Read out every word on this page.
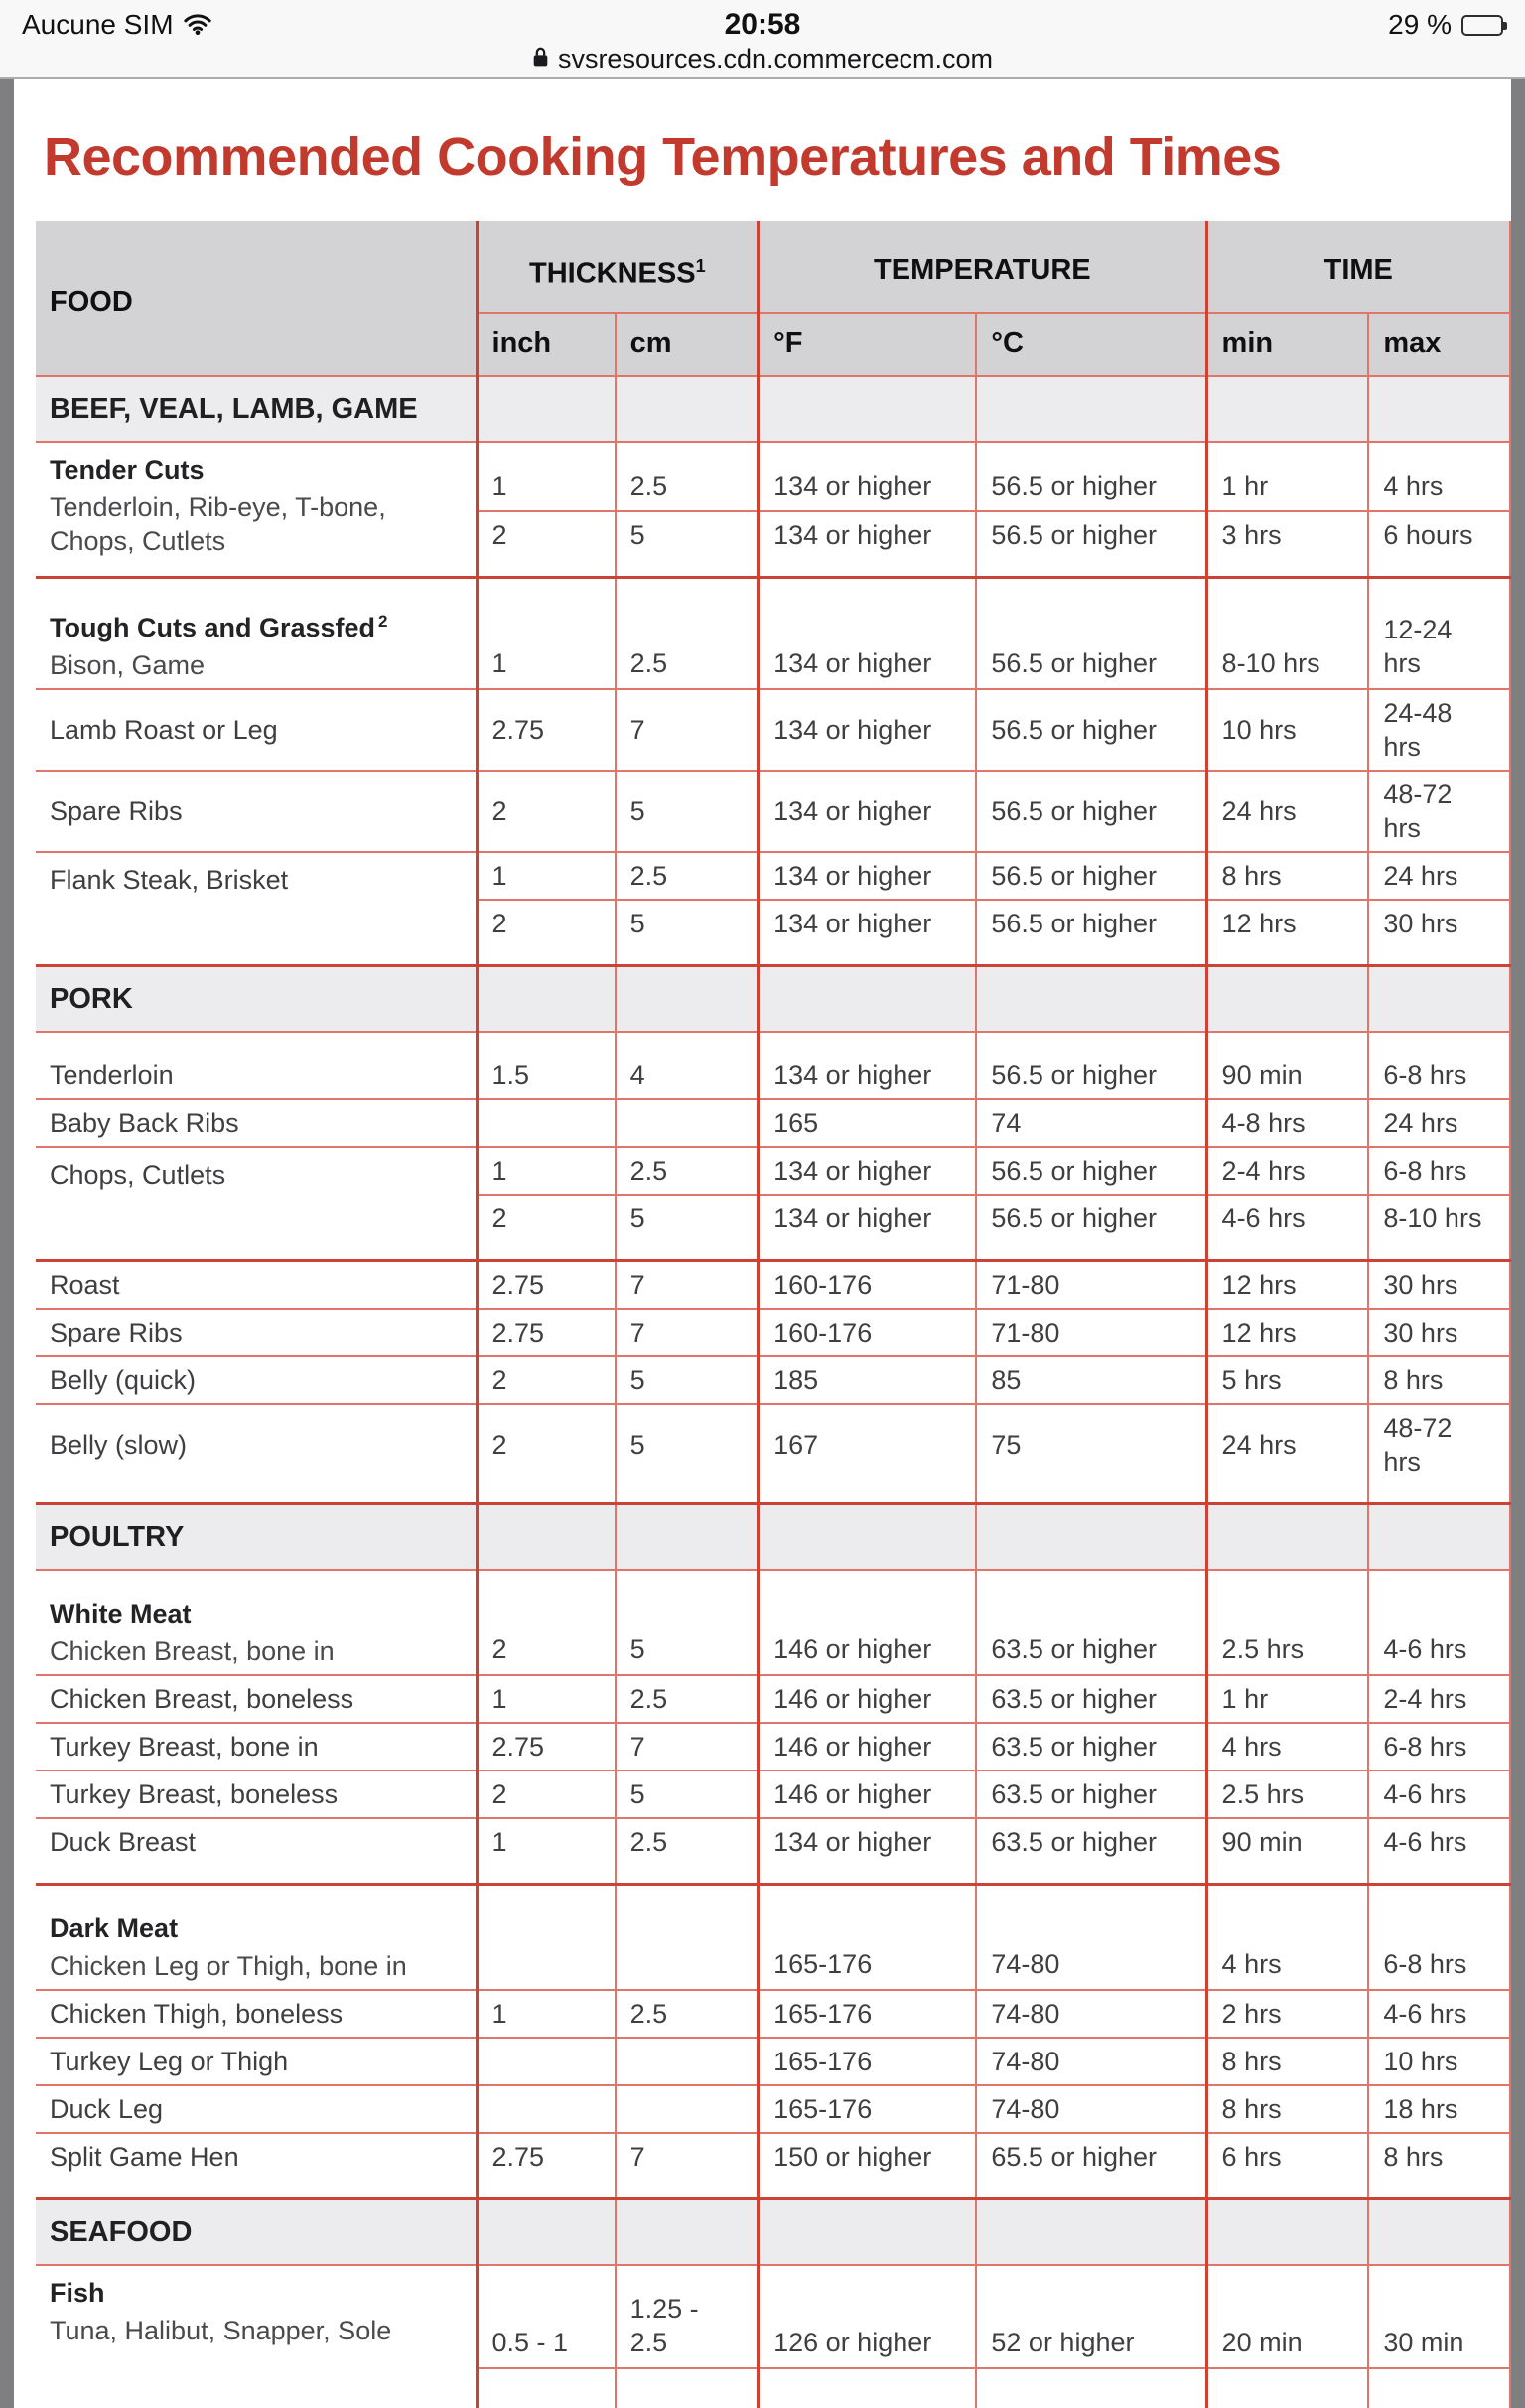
Aucune SIM	20:58	29 %
svsresources.cdn.commercecm.com
Recommended Cooking Temperatures and Times
FOOD	THICKNESS$^1$		TEMPERATURE		TIME	
	inch	cm	°F	°C	min	max
BEEF, VEAL, LAMB, GAME						

Tender Cuts
Tenderloin, Rib-eye, T-bone, Chops, Cutlets	1	2.5	134 or higher	56.5 or higher	1 hr	4 hrs
	2	5	134 or higher	56.5 or higher	3 hrs	6 hours

Tough Cuts and Grassfed $^2$
Bison, Game	1	2.5	134 or higher	56.5 or higher	8-10 hrs	12-24 hrs
Lamb Roast or Leg	2.75	7	134 or higher	56.5 or higher	10 hrs	24-48 hrs
Spare Ribs	2	5	134 or higher	56.5 or higher	24 hrs	48-72 hrs
Flank Steak, Brisket	1	2.5	134 or higher	56.5 or higher	8 hrs	24 hrs
	2	5	134 or higher	56.5 or higher	12 hrs	30 hrs
PORK						
Tenderloin	1.5	4	134 or higher	56.5 or higher	90 min	6-8 hrs
Baby Back Ribs			165	74	4-8 hrs	24 hrs
Chops, Cutlets	1	2.5	134 or higher	56.5 or higher	2-4 hrs	6-8 hrs
	2	5	134 or higher	56.5 or higher	4-6 hrs	8-10 hrs
Roast	2.75	7	160-176	71-80	12 hrs	30 hrs
Spare Ribs	2.75	7	160-176	71-80	12 hrs	30 hrs
Belly (quick)	2	5	185	85	5 hrs	8 hrs
Belly (slow)	2	5	167	75	24 hrs	48-72 hrs
POULTRY						

White Meat
Chicken Breast, bone in	2	5	146 or higher	63.5 or higher	2.5 hrs	4-6 hrs
Chicken Breast, boneless	1	2.5	146 or higher	63.5 or higher	1 hr	2-4 hrs
Turkey Breast, bone in	2.75	7	146 or higher	63.5 or higher	4 hrs	6-8 hrs
Turkey Breast, boneless	2	5	146 or higher	63.5 or higher	2.5 hrs	4-6 hrs
Duck Breast	1	2.5	134 or higher	63.5 or higher	90 min	4-6 hrs

Dark Meat
Chicken Leg or Thigh, bone in			165-176	74-80	4 hrs	6-8 hrs
Chicken Thigh, boneless	1	2.5	165-176	74-80	2 hrs	4-6 hrs
Turkey Leg or Thigh			165-176	74-80	8 hrs	10 hrs
Duck Leg			165-176	74-80	8 hrs	18 hrs
Split Game Hen	2.75	7	150 or higher	65.5 or higher	6 hrs	8 hrs
SEAFOOD						

Fish
Tuna, Halibut, Snapper, Sole	0.5 - 1	1.25 - 2.5	126 or higher	52 or higher	20 min	30 min
